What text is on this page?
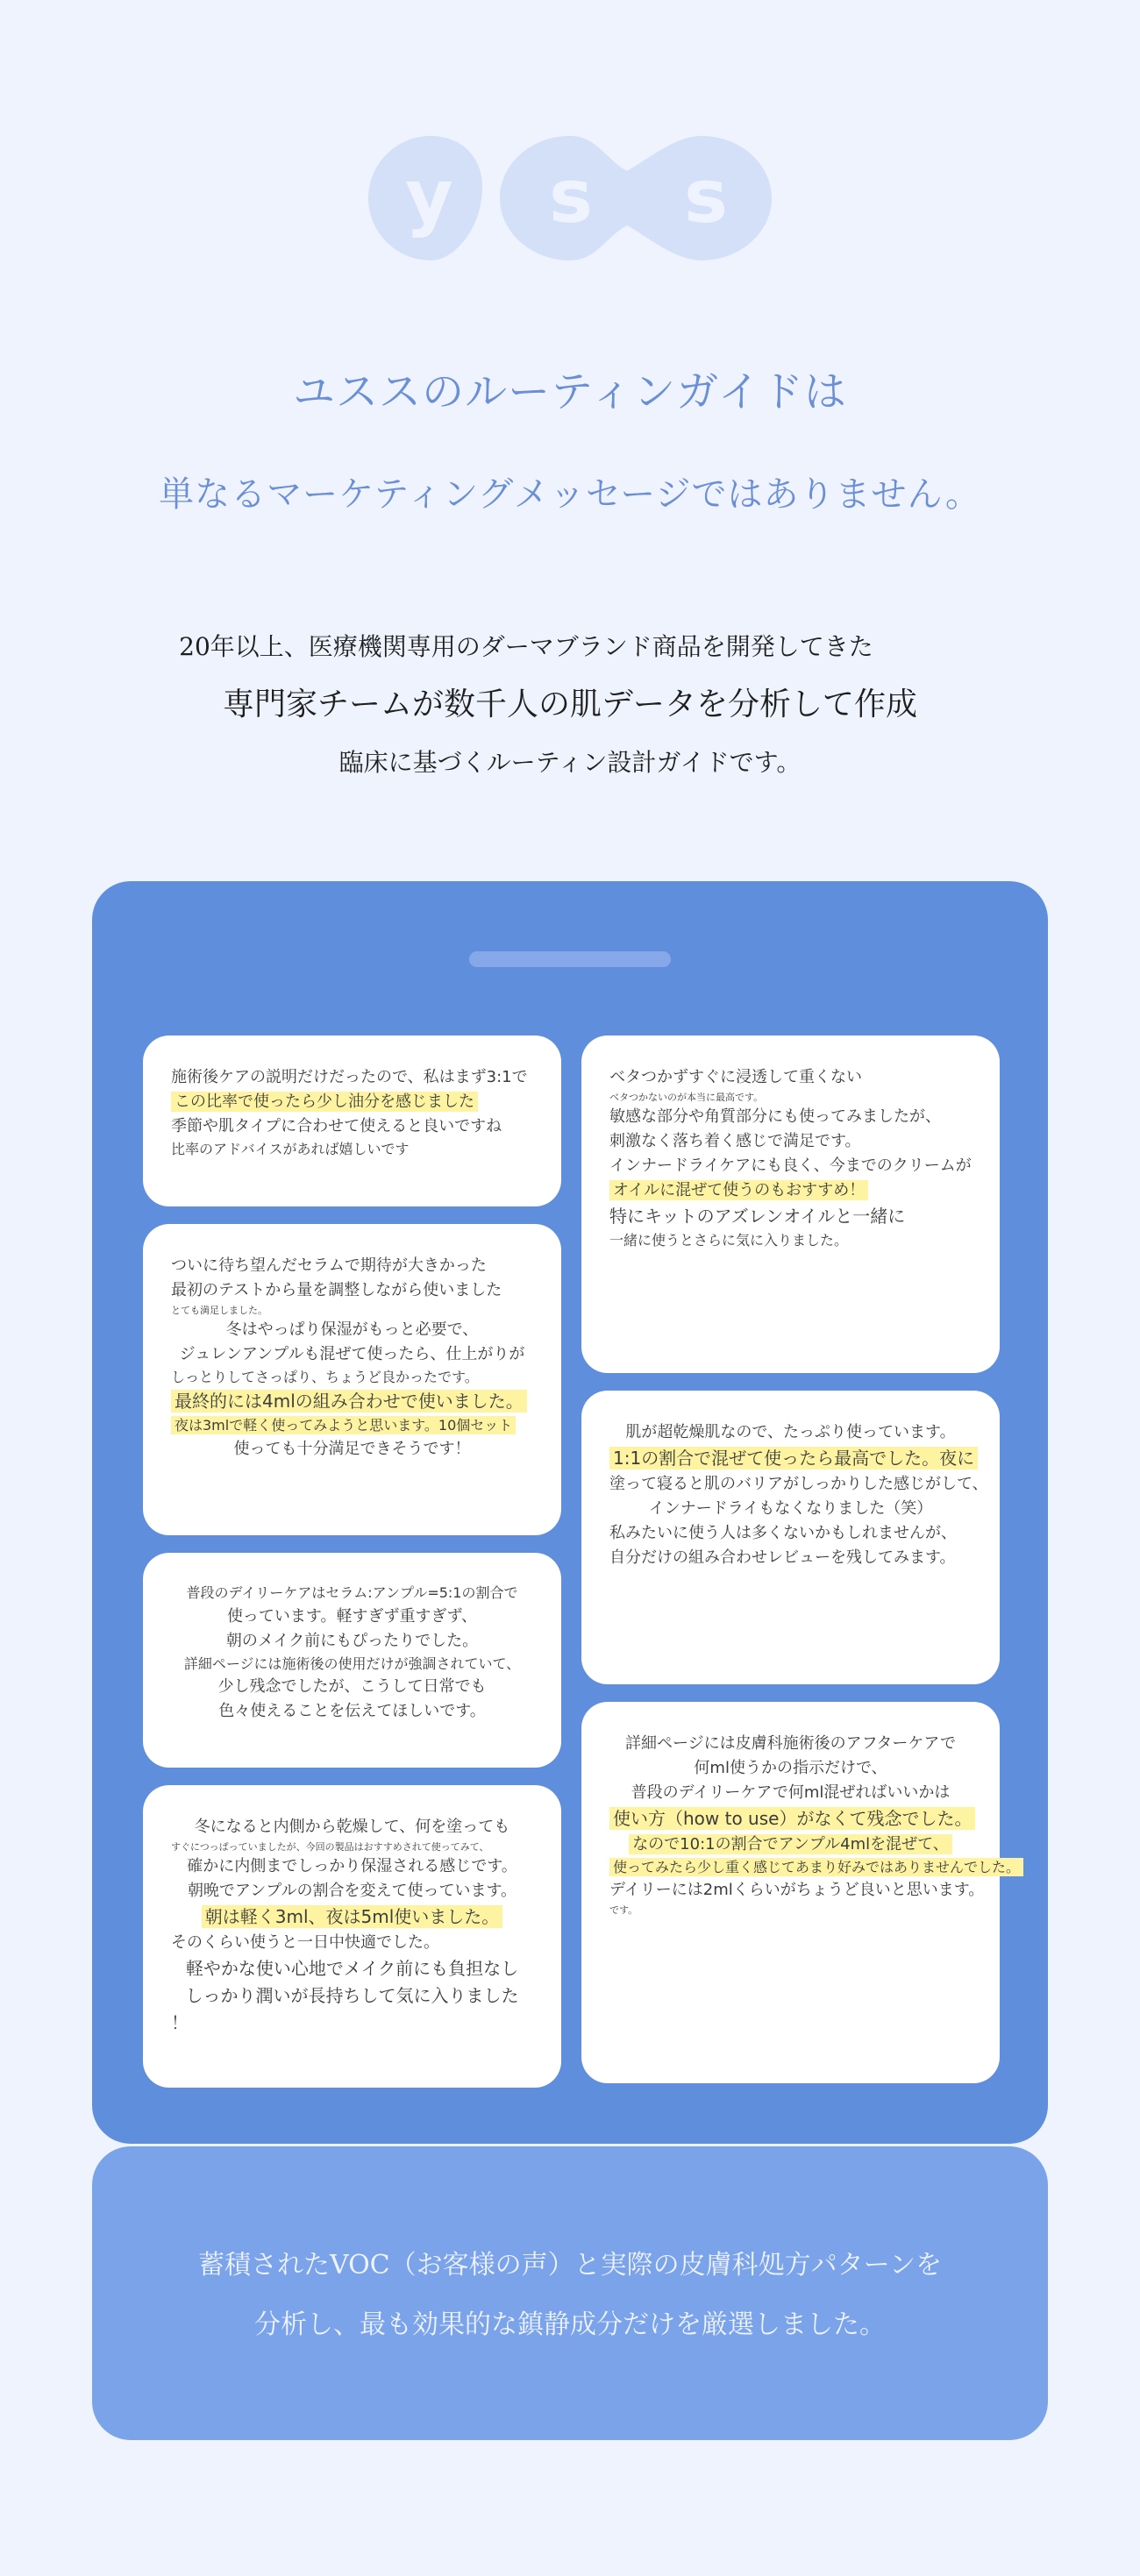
y s s
ユススのルーティンガイドは
単なるマーケティングメッセージではありません。
20年以上、医療機関専用のダーマブランド商品を開発してきた
専門家チームが数千人の肌データを分析して作成
臨床に基づくルーティン設計ガイドです。
施術後ケアの説明だけだったので、私はまず3:1で
この比率で使ったら少し油分を感じました
季節や肌タイプに合わせて使えると良いですね
比率のアドバイスがあれば嬉しいです
ついに待ち望んだセラムで期待が大きかった
最初のテストから量を調整しながら使いました
とても満足しました。
冬はやっぱり保湿がもっと必要で、
ジュレンアンプルも混ぜて使ったら、仕上がりが
しっとりしてさっぱり、ちょうど良かったです。
最終的には4mlの組み合わせで使いました。
夜は3mlで軽く使ってみようと思います。10個セット
使っても十分満足できそうです！
普段のデイリーケアはセラム:アンプル=5:1の割合で
使っています。軽すぎず重すぎず、
朝のメイク前にもぴったりでした。
詳細ページには施術後の使用だけが強調されていて、
少し残念でしたが、こうして日常でも
色々使えることを伝えてほしいです。
冬になると内側から乾燥して、何を塗っても
すぐにつっぱっていましたが、今回の製品はおすすめされて使ってみて、
確かに内側までしっかり保湿される感じです。
朝晩でアンプルの割合を変えて使っています。
朝は軽く3ml、夜は5ml使いました。
そのくらい使うと一日中快適でした。
軽やかな使い心地でメイク前にも負担なし
しっかり潤いが長持ちして気に入りました
！
ベタつかずすぐに浸透して重くない
ベタつかないのが本当に最高です。
敏感な部分や角質部分にも使ってみましたが、
刺激なく落ち着く感じで満足です。
インナードライケアにも良く、今までのクリームが
オイルに混ぜて使うのもおすすめ！
特にキットのアズレンオイルと一緒に
一緒に使うとさらに気に入りました。
肌が超乾燥肌なので、たっぷり使っています。
1:1の割合で混ぜて使ったら最高でした。夜に
塗って寝ると肌のバリアがしっかりした感じがして、
インナードライもなくなりました（笑）
私みたいに使う人は多くないかもしれませんが、
自分だけの組み合わせレビューを残してみます。
詳細ページには皮膚科施術後のアフターケアで
何ml使うかの指示だけで、
普段のデイリーケアで何ml混ぜればいいかは
使い方（how to use）がなくて残念でした。
なので10:1の割合でアンプル4mlを混ぜて、
使ってみたら少し重く感じてあまり好みではありませんでした。
デイリーには2mlくらいがちょうど良いと思います。
です。
蓄積されたVOC（お客様の声）と実際の皮膚科処方パターンを
分析し、最も効果的な鎮静成分だけを厳選しました。
